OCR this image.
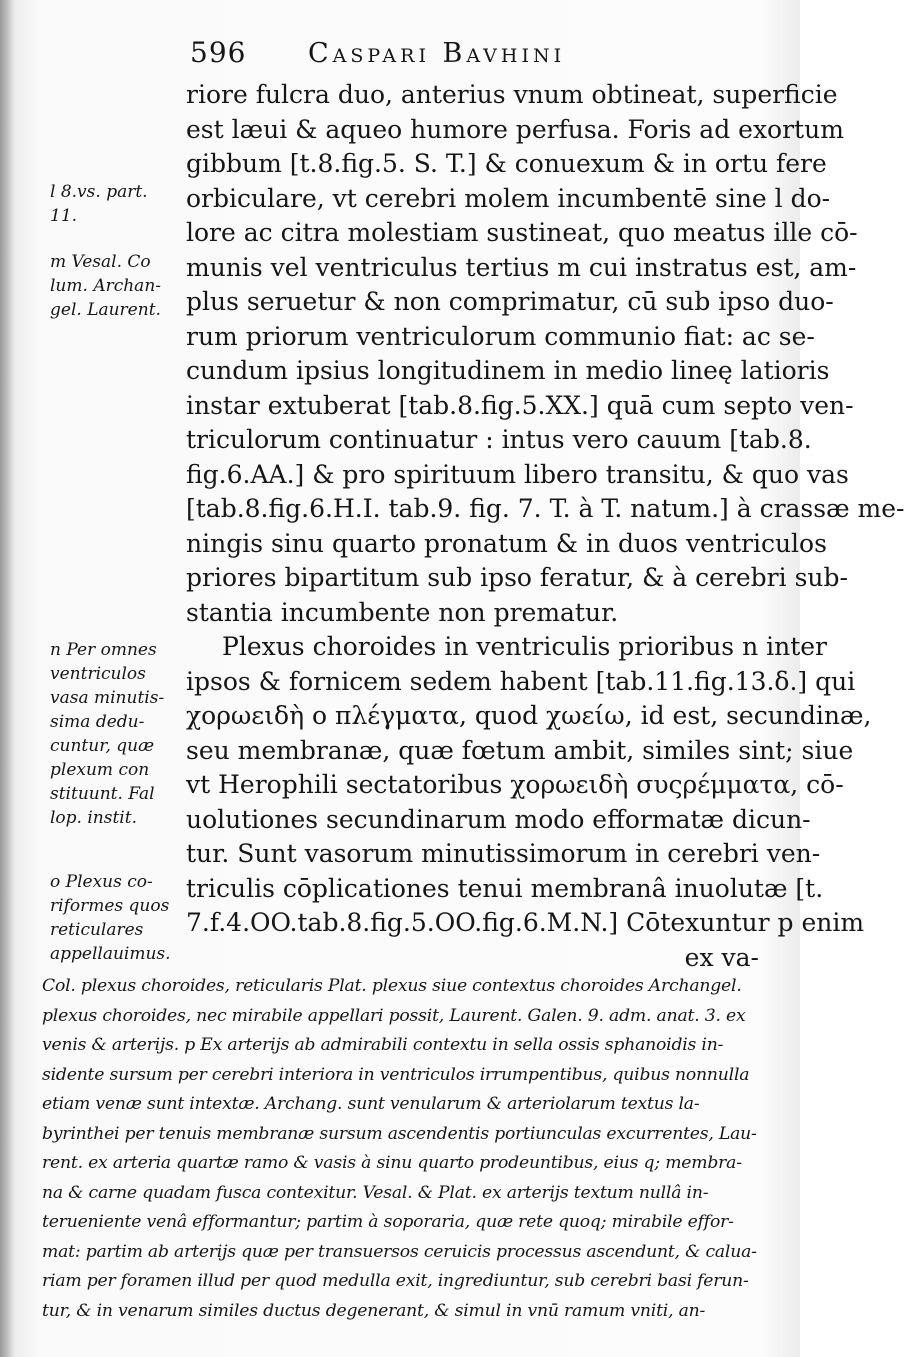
596 Caspari Bavhini
riore fulcra duo, anterius vnum obtineat, superficie
est læui & aqueo humore perfusa. Foris ad exortum
gibbum [t.8.fig.5. S. T.] & conuexum & in ortu fere
orbiculare, vt cerebri molem incumbentē sine l do-
lore ac citra molestiam sustineat, quo meatus ille cō-
munis vel ventriculus tertius m cui instratus est, am-
plus seruetur & non comprimatur, cū sub ipso duo-
rum priorum ventriculorum communio fiat: ac se-
cundum ipsius longitudinem in medio lineę latioris
instar extuberat [tab.8.fig.5.XX.] quā cum septo ven-
triculorum continuatur : intus vero cauum [tab.8.
fig.6.AA.] & pro spirituum libero transitu, & quo vas
[tab.8.fig.6.H.I. tab.9. fig. 7. T. à T. natum.] à crassæ me-
ningis sinu quarto pronatum & in duos ventriculos
priores bipartitum sub ipso feratur, & à cerebri sub-
stantia incumbente non prematur.
Plexus choroides in ventriculis prioribus n inter
ipsos & fornicem sedem habent [tab.11.fig.13.ẟ.] qui
χορωειδὴ ο πλέγματα, quod χωείω, id est, secundinæ,
seu membranæ, quæ fœtum ambit, similes sint; siue
vt Herophili sectatoribus χορωειδὴ συςρέμματα, cō-
uolutiones secundinarum modo efformatæ dicun-
tur. Sunt vasorum minutissimorum in cerebri ven-
triculis cōplicationes tenui membranâ inuolutæ [t.
7.f.4.OO.tab.8.fig.5.OO.fig.6.M.N.] Cōtexuntur p enim
ex va-
l 8.vs. part.
11.
m Vesal. Co
lum. Archan-
gel. Laurent.
n Per omnes
ventriculos
vasa minutis-
sima dedu-
cuntur, quæ
plexum con
stituunt. Fal
lop. instit.
o Plexus co-
riformes quos
reticulares
appellauimus.
Col. plexus choroides, reticularis Plat. plexus siue contextus choroides Archangel.
plexus choroides, nec mirabile appellari possit, Laurent. Galen. 9. adm. anat. 3. ex
venis & arterijs. p Ex arterijs ab admirabili contextu in sella ossis sphanoidis in-
sidente sursum per cerebri interiora in ventriculos irrumpentibus, quibus nonnulla
etiam venæ sunt intextæ. Archang. sunt venularum & arteriolarum textus la-
byrinthei per tenuis membranæ sursum ascendentis portiunculas excurrentes, Lau-
rent. ex arteria quartæ ramo & vasis à sinu quarto prodeuntibus, eius q; membra-
na & carne quadam fusca contexitur. Vesal. & Plat. ex arterijs textum nullâ in-
terueniente venâ efformantur; partim à soporaria, quæ rete quoq; mirabile effor-
mat: partim ab arterijs quæ per transuersos ceruicis processus ascendunt, & calua-
riam per foramen illud per quod medulla exit, ingrediuntur, sub cerebri basi ferun-
tur, & in venarum similes ductus degenerant, & simul in vnū ramum vniti, an-
